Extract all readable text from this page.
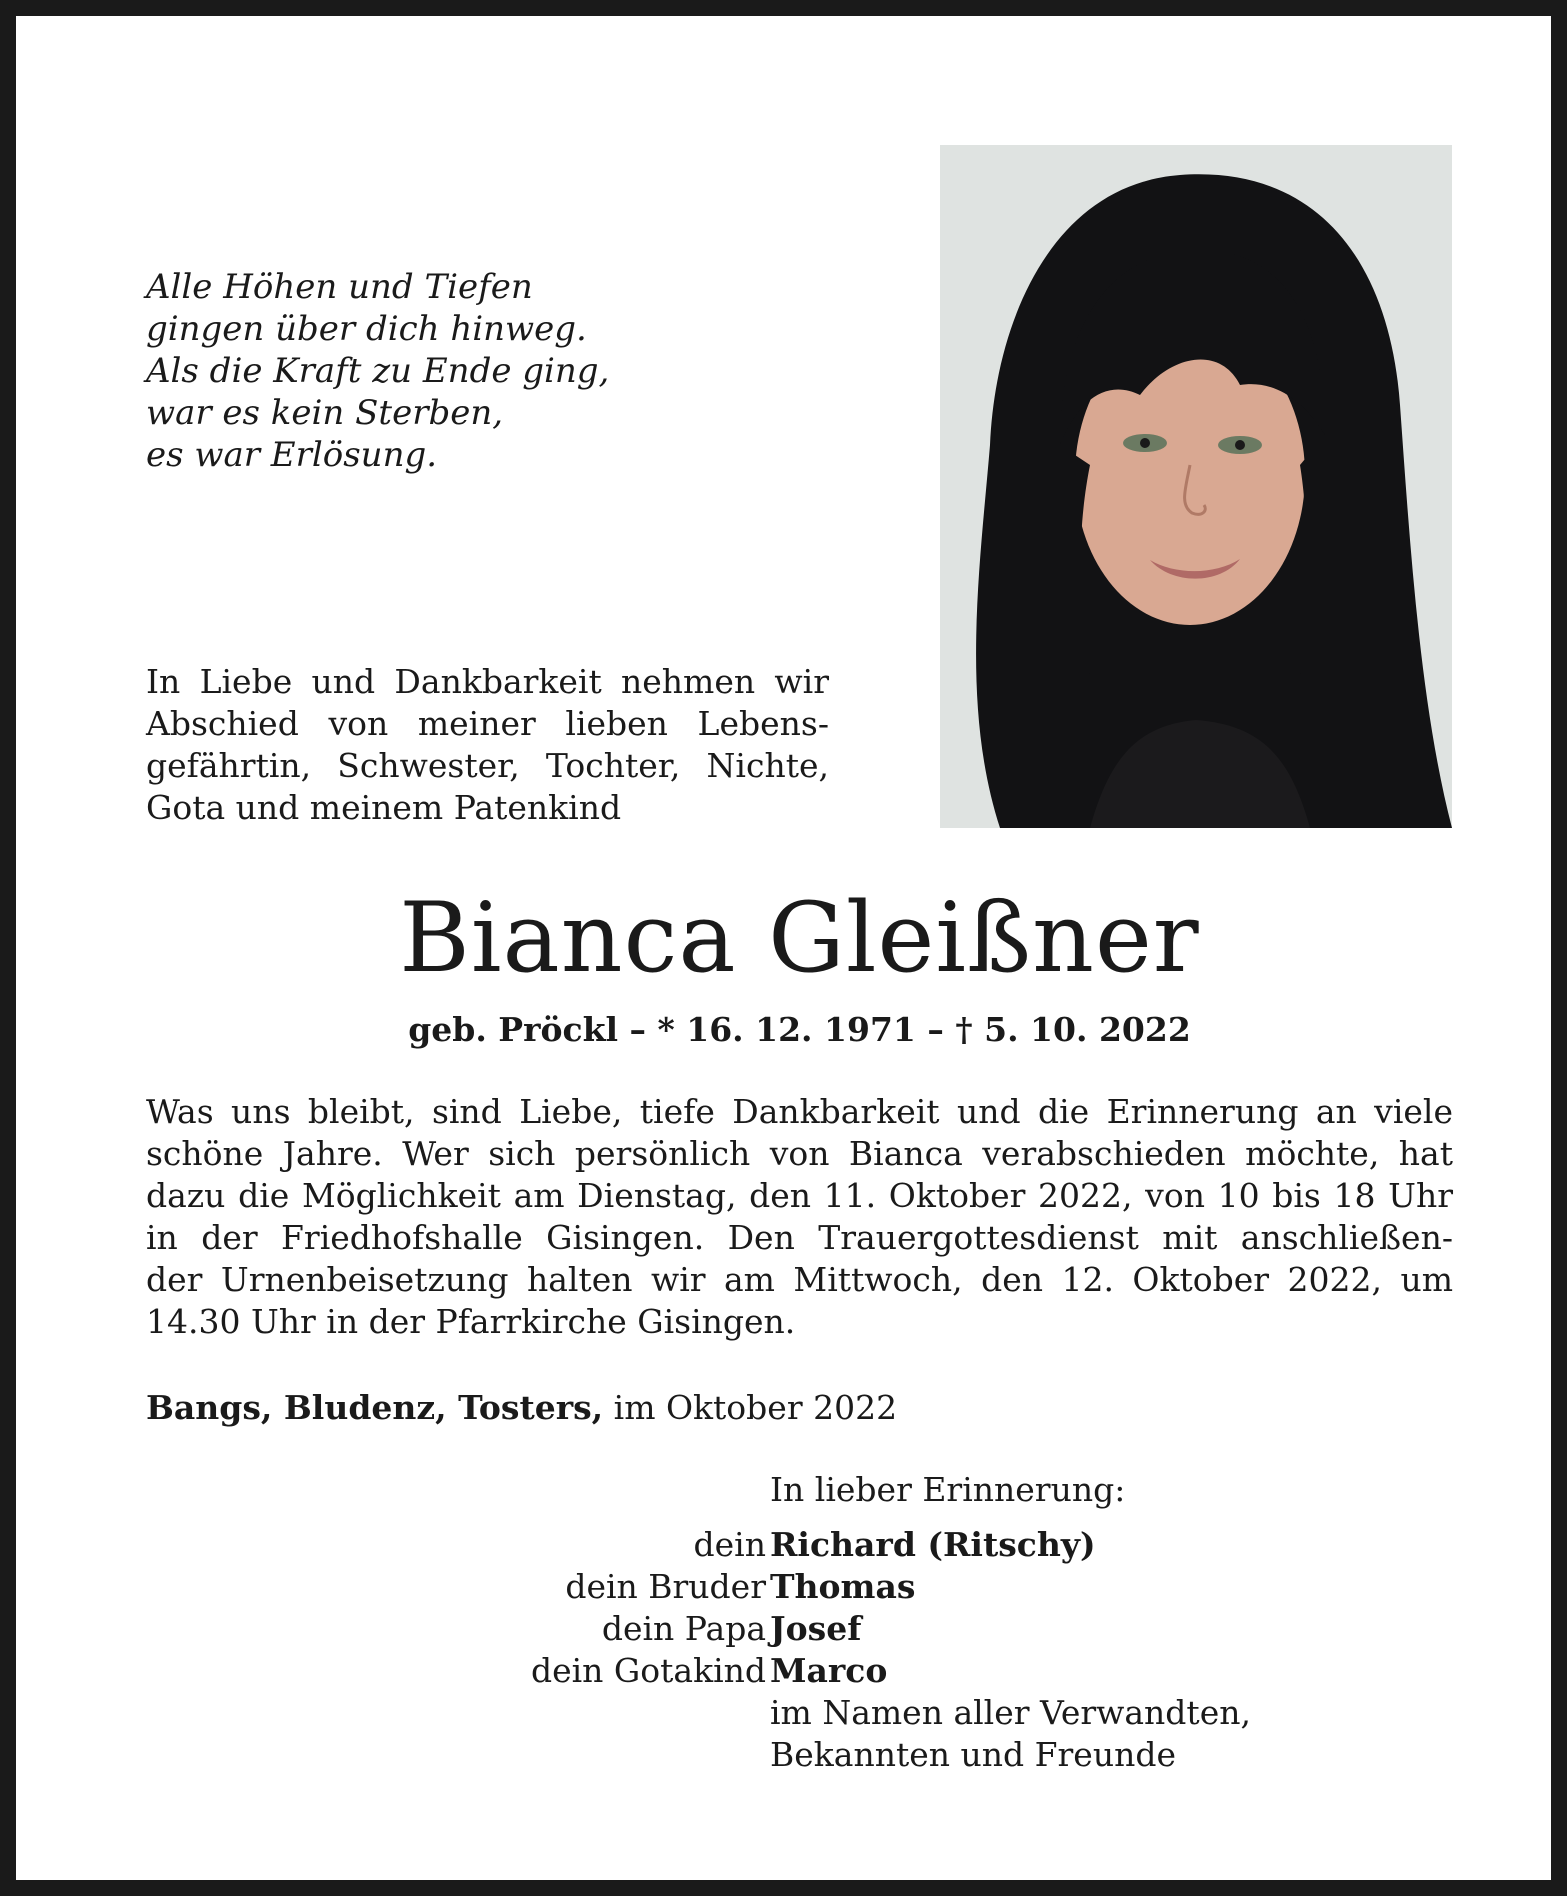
Alle Höhen und Tiefen
gingen über dich hinweg.
Als die Kraft zu Ende ging,
war es kein Sterben,
es war Erlösung.
In Liebe und Dankbarkeit nehmen wir
Abschied von meiner lieben Lebens-
gefährtin, Schwester, Tochter, Nichte,
Gota und meinem Patenkind
Bianca Gleißner
geb. Pröckl – * 16. 12. 1971 – † 5. 10. 2022
Was uns bleibt, sind Liebe, tiefe Dankbarkeit und die Erinnerung an viele
schöne Jahre. Wer sich persönlich von Bianca verabschieden möchte, hat
dazu die Möglichkeit am Dienstag, den 11. Oktober 2022, von 10 bis 18 Uhr
in der Friedhofshalle Gisingen. Den Trauergottesdienst mit anschließen-
der Urnenbeisetzung halten wir am Mittwoch, den 12. Oktober 2022, um
14.30 Uhr in der Pfarrkirche Gisingen.
Bangs, Bludenz, Tosters, im Oktober 2022
In lieber Erinnerung:
dein Richard (Ritschy)
dein Bruder Thomas
dein Papa Josef
dein Gotakind Marco
im Namen aller Verwandten,
Bekannten und Freunde
